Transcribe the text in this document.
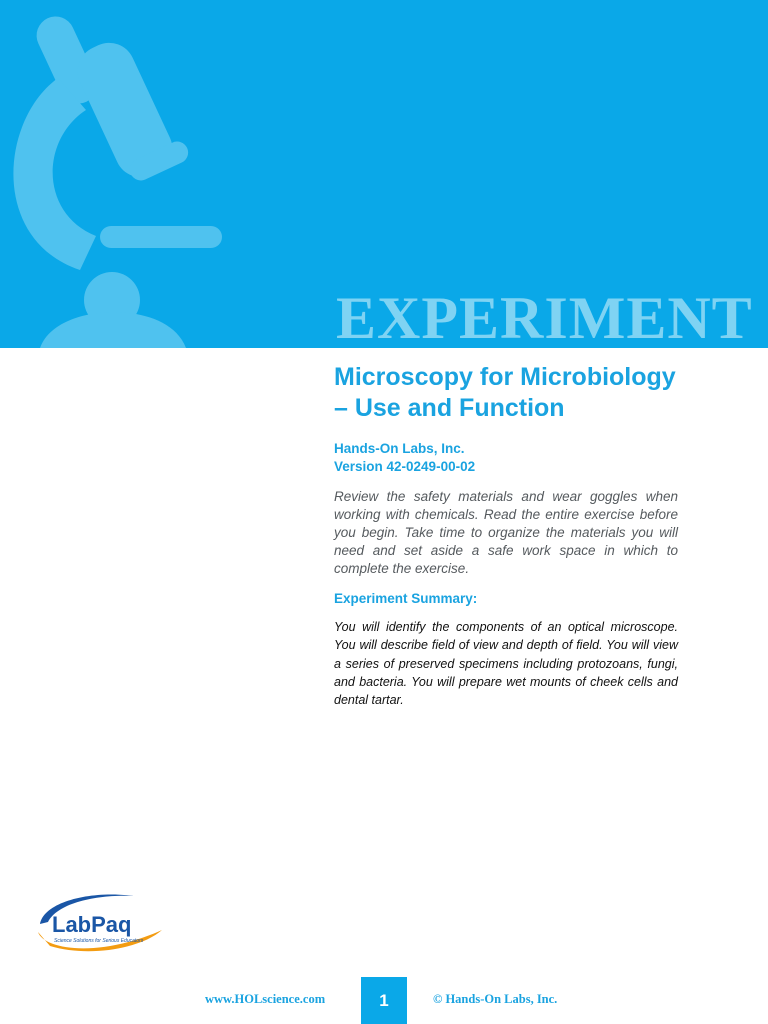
EXPERIMENT
Microscopy for Microbiology – Use and Function
Hands-On Labs, Inc.
Version 42-0249-00-02
Review the safety materials and wear goggles when working with chemicals. Read the entire exercise before you begin. Take time to organize the materials you will need and set aside a safe work space in which to complete the exercise.
Experiment Summary:
You will identify the components of an optical microscope. You will describe field of view and depth of field. You will view a series of preserved specimens including protozoans, fungi, and bacteria. You will prepare wet mounts of cheek cells and dental tartar.
LabPaq
Science Solutions for Serious Educators
www.HOLscience.com	1	© Hands-On Labs, Inc.
